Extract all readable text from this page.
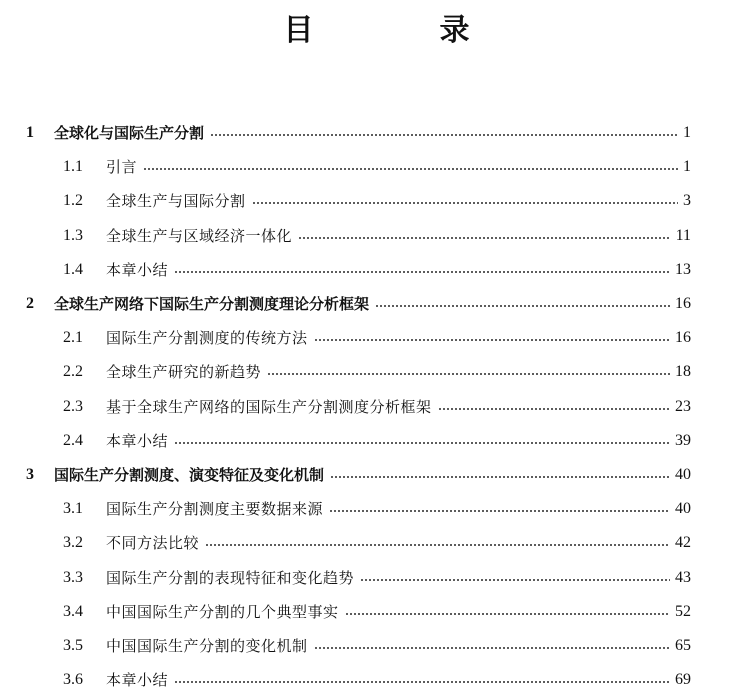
目　录
1 全球化与国际生产分割	1
1.1 引言	1
1.2 全球生产与国际分割	3
1.3 全球生产与区域经济一体化	11
1.4 本章小结	13
2 全球生产网络下国际生产分割测度理论分析框架	16
2.1 国际生产分割测度的传统方法	16
2.2 全球生产研究的新趋势	18
2.3 基于全球生产网络的国际生产分割测度分析框架	23
2.4 本章小结	39
3 国际生产分割测度、演变特征及变化机制	40
3.1 国际生产分割测度主要数据来源	40
3.2 不同方法比较	42
3.3 国际生产分割的表现特征和变化趋势	43
3.4 中国国际生产分割的几个典型事实	52
3.5 中国国际生产分割的变化机制	65
3.6 本章小结	69
